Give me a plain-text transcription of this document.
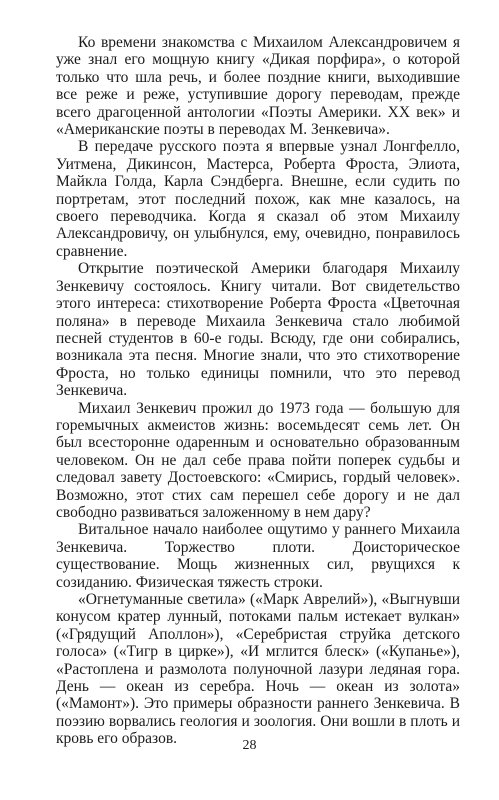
Ко времени знакомства с Михаилом Александровичем я уже знал его мощную книгу «Дикая порфира», о которой только что шла речь, и более поздние книги, выходившие все реже и реже, уступившие дорогу переводам, прежде всего драгоценной антологии «Поэты Америки. XX век» и «Американские поэты в переводах М. Зенкевича».

В передаче русского поэта я впервые узнал Лонгфелло, Уитмена, Дикинсон, Мастерса, Роберта Фроста, Элиота, Майкла Голда, Карла Сэндберга. Внешне, если судить по портретам, этот последний похож, как мне казалось, на своего переводчика. Когда я сказал об этом Михаилу Александровичу, он улыбнулся, ему, очевидно, понравилось сравнение.

Открытие поэтической Америки благодаря Михаилу Зенкевичу состоялось. Книгу читали. Вот свидетельство этого интереса: стихотворение Роберта Фроста «Цветочная поляна» в переводе Михаила Зенкевича стало любимой песней студентов в 60-е годы. Всюду, где они собирались, возникала эта песня. Многие знали, что это стихотворение Фроста, но только единицы помнили, что это перевод Зенкевича.

Михаил Зенкевич прожил до 1973 года — большую для горемычных акмеистов жизнь: восемьдесят семь лет. Он был всесторонне одаренным и основательно образованным человеком. Он не дал себе права пойти поперек судьбы и следовал завету Достоевского: «Смирись, гордый человек». Возможно, этот стих сам перешел себе дорогу и не дал свободно развиваться заложенному в нем дару?

Витальное начало наиболее ощутимо у раннего Михаила Зенкевича. Торжество плоти. Доисторическое существование. Мощь жизненных сил, рвущихся к созиданию. Физическая тяжесть строки.

«Огнетуманные светила» («Марк Аврелий»), «Выгнувши конусом кратер лунный, потоками пальм истекает вулкан» («Грядущий Аполлон»), «Серебристая струйка детского голоса» («Тигр в цирке»), «И мглится блеск» («Купанье»), «Растоплена и размолота полуночной лазури ледяная гора. День — океан из серебра. Ночь — океан из золота» («Мамонт»). Это примеры образности раннего Зенкевича. В поэзию ворвались геология и зоология. Они вошли в плоть и кровь его образов.	28
